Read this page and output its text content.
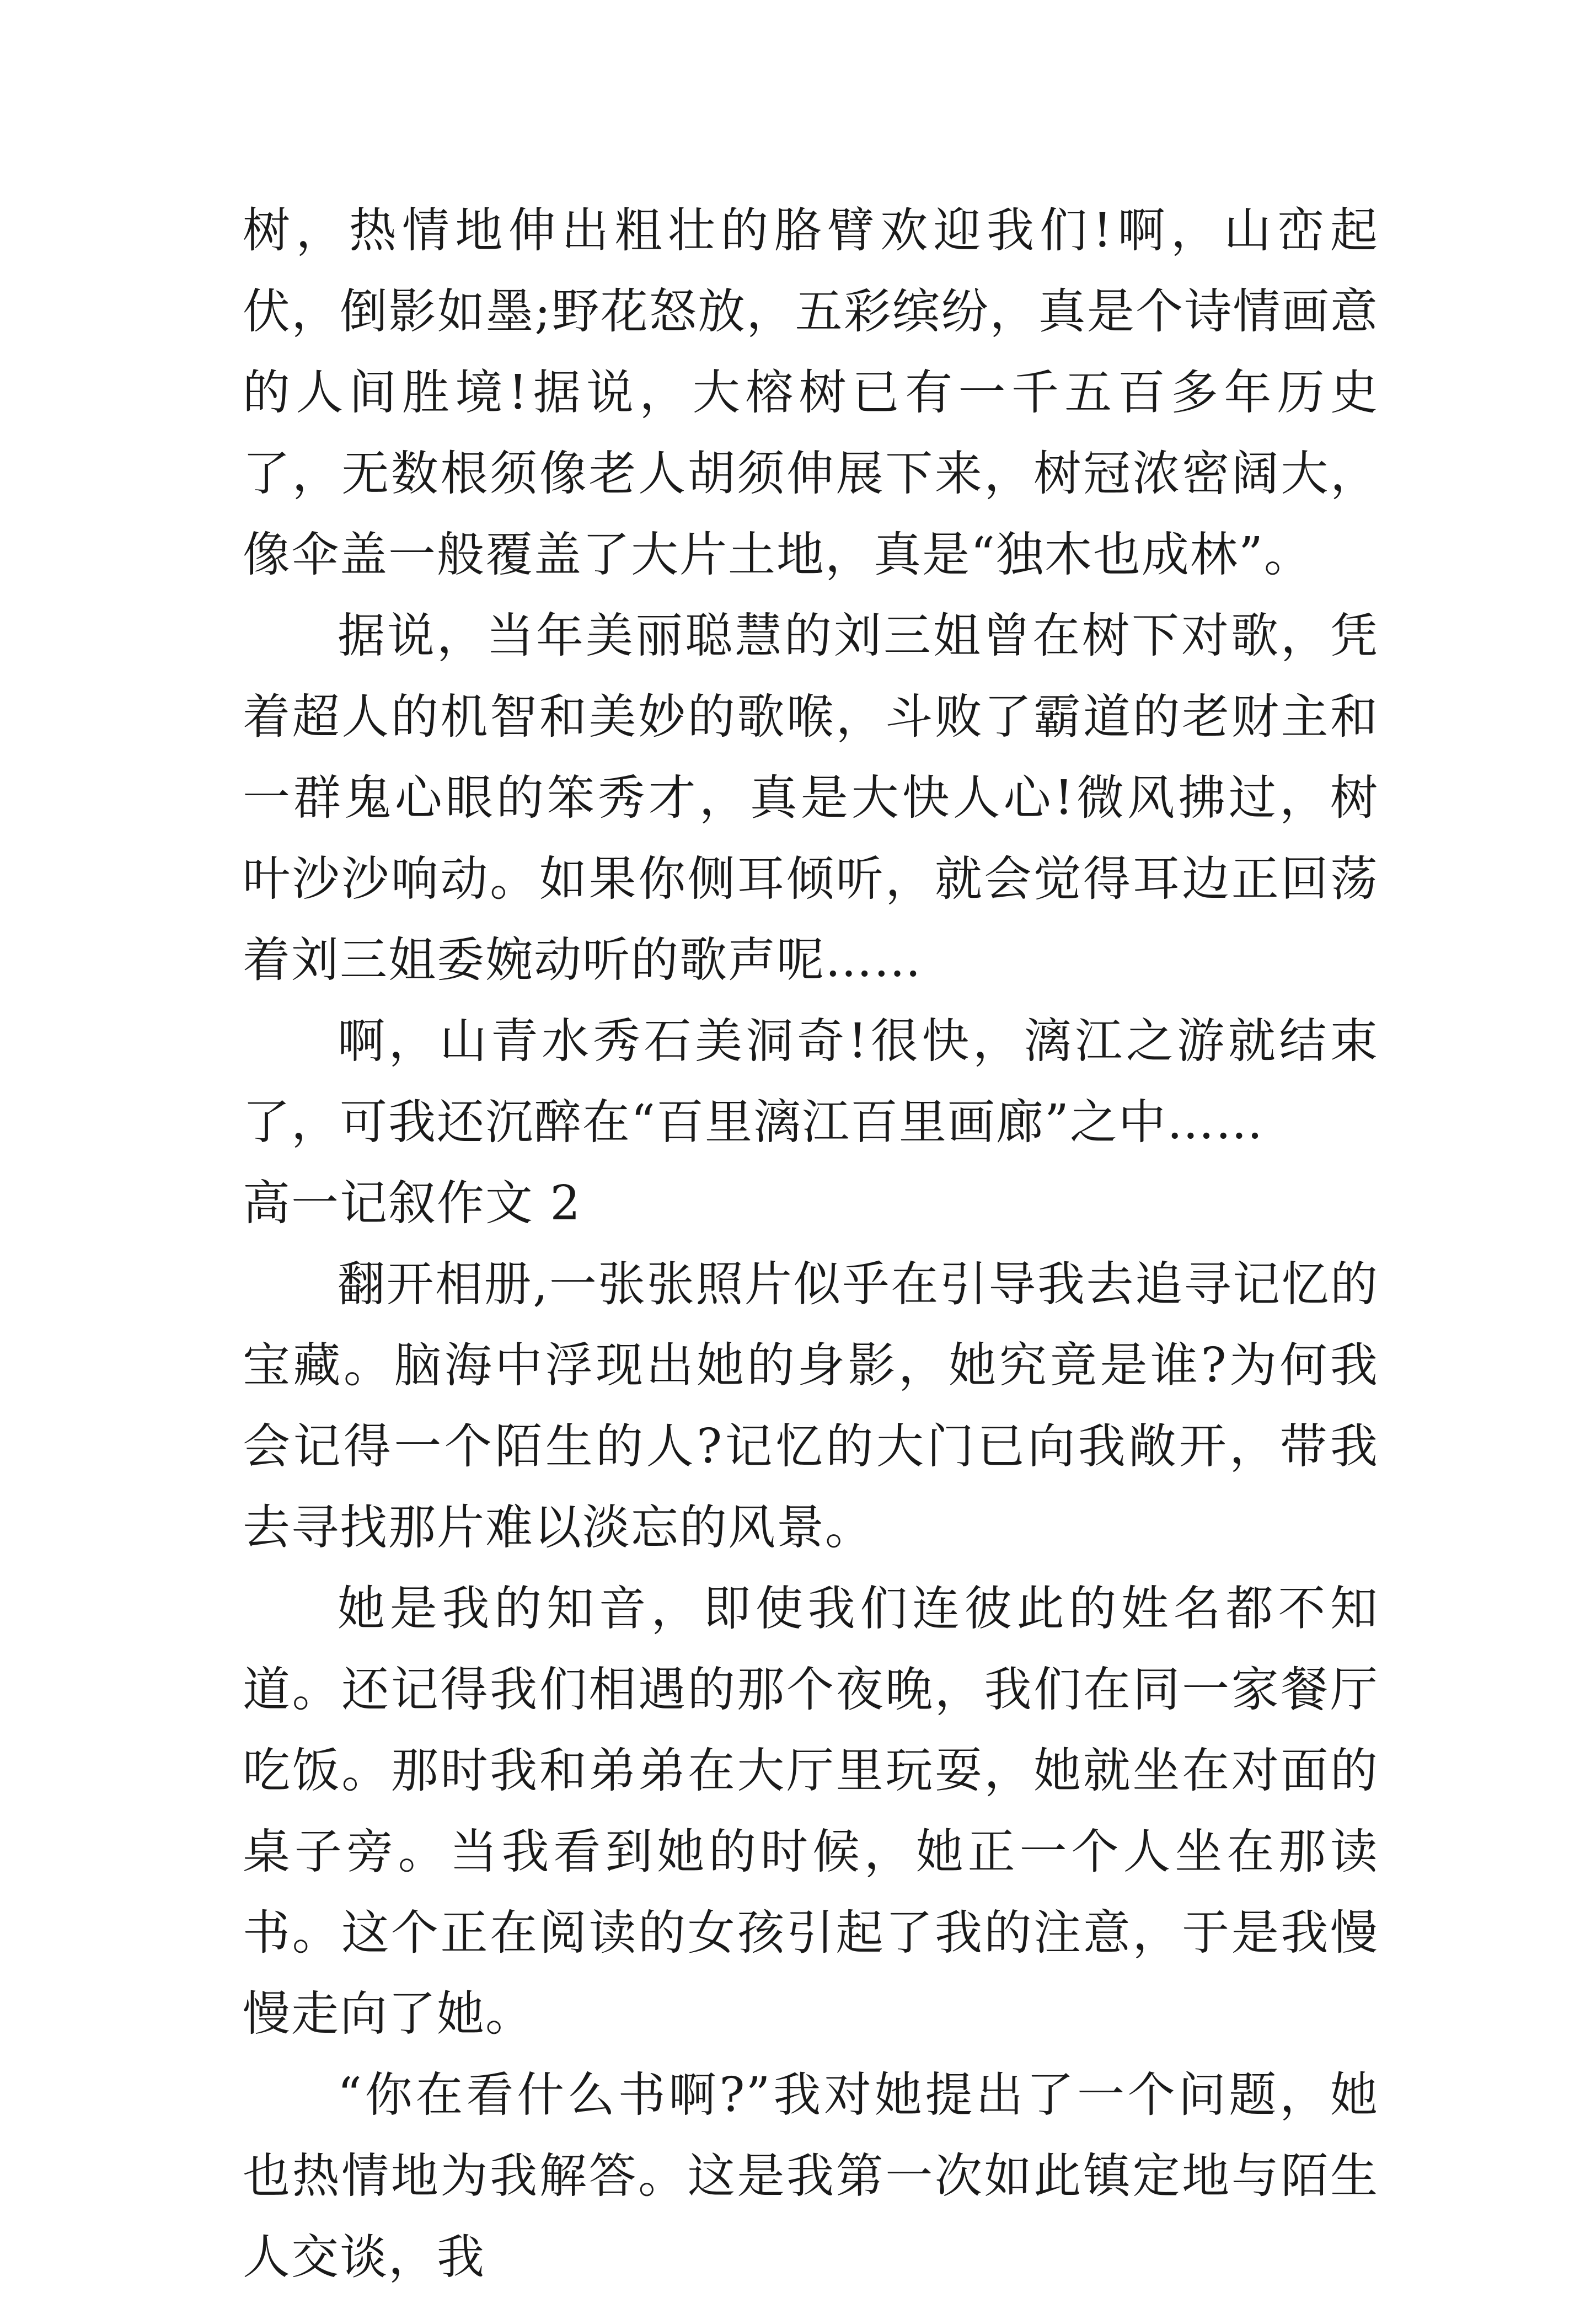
树，热情地伸出粗壮的胳臂欢迎我们!啊，山峦起伏，倒影如墨;野花怒放，五彩缤纷，真是个诗情画意的人间胜境!据说，大榕树已有一千五百多年历史了，无数根须像老人胡须伸展下来，树冠浓密阔大，像伞盖一般覆盖了大片土地，真是“独木也成林”。

据说，当年美丽聪慧的刘三姐曾在树下对歌，凭着超人的机智和美妙的歌喉，斗败了霸道的老财主和一群鬼心眼的笨秀才，真是大快人心!微风拂过，树叶沙沙响动。如果你侧耳倾听，就会觉得耳边正回荡着刘三姐委婉动听的歌声呢……

啊，山青水秀石美洞奇!很快，漓江之游就结束了，可我还沉醉在“百里漓江百里画廊”之中……

高一记叙作文 2

翻开相册,一张张照片似乎在引导我去追寻记忆的宝藏。脑海中浮现出她的身影，她究竟是谁?为何我会记得一个陌生的人?记忆的大门已向我敞开，带我去寻找那片难以淡忘的风景。

她是我的知音，即使我们连彼此的姓名都不知道。还记得我们相遇的那个夜晚，我们在同一家餐厅吃饭。那时我和弟弟在大厅里玩耍，她就坐在对面的桌子旁。当我看到她的时候，她正一个人坐在那读书。这个正在阅读的女孩引起了我的注意，于是我慢慢走向了她。

“你在看什么书啊?”我对她提出了一个问题，她也热情地为我解答。这是我第一次如此镇定地与陌生人交谈，我
